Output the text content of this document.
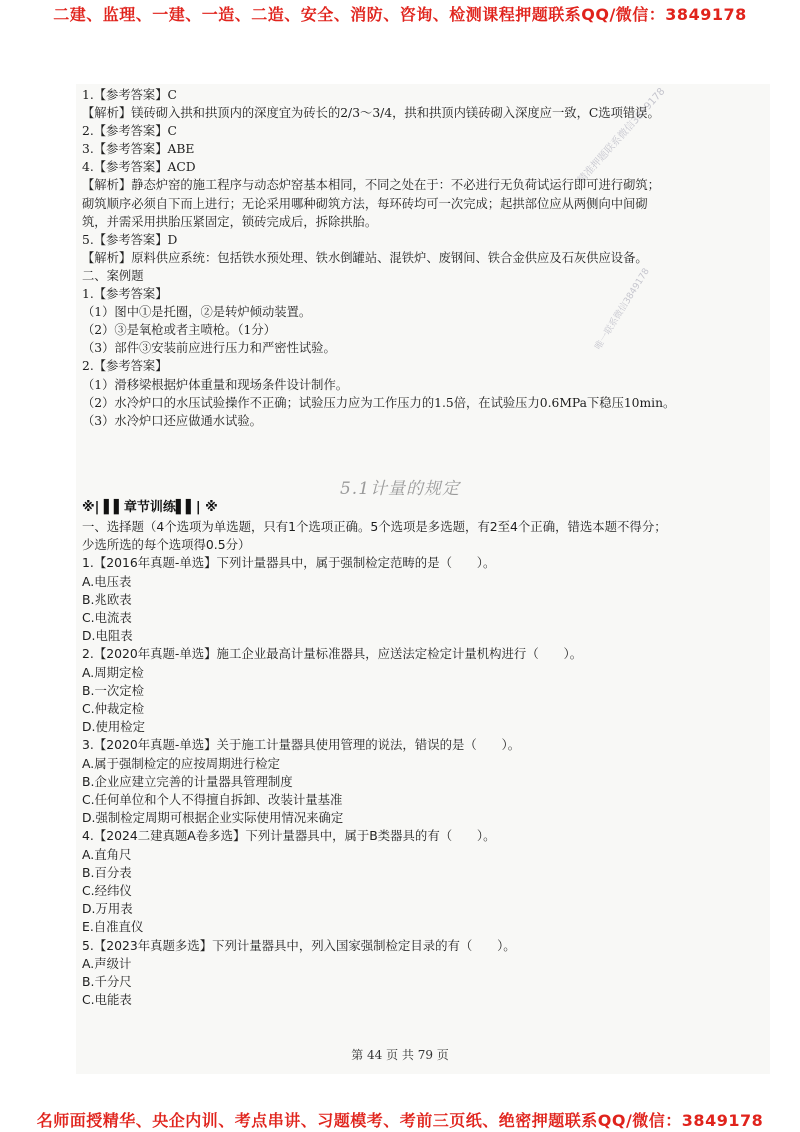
二建、监理、一建、一造、二造、安全、消防、咨询、检测课程押题联系QQ/微信：3849178
精准押题联系微信3849178
唯一联系微信3849178
1.【参考答案】C
【解析】镁砖砌入拱和拱顶内的深度宜为砖长的2/3～3/4，拱和拱顶内镁砖砌入深度应一致，C选项错误。
2.【参考答案】C
3.【参考答案】ABE
4.【参考答案】ACD
【解析】静态炉窑的施工程序与动态炉窑基本相同，不同之处在于：不必进行无负荷试运行即可进行砌筑；
砌筑顺序必须自下而上进行；无论采用哪种砌筑方法，每环砖均可一次完成；起拱部位应从两侧向中间砌
筑，并需采用拱胎压紧固定，锁砖完成后，拆除拱胎。
5.【参考答案】D
【解析】原料供应系统：包括铁水预处理、铁水倒罐站、混铁炉、废钢间、铁合金供应及石灰供应设备。
二、案例题
1.【参考答案】
（1）图中①是托圈，②是转炉倾动装置。
（2）③是氧枪或者主喷枪。（1分）
（3）部件③安装前应进行压力和严密性试验。
2.【参考答案】
（1）滑移梁根据炉体重量和现场条件设计制作。
（2）水冷炉口的水压试验操作不正确；试验压力应为工作压力的1.5倍，在试验压力0.6MPa下稳压10min。
（3）水冷炉口还应做通水试验。
5.1计量的规定
※| ▌▌章节训练▌▌| ※
一、选择题（4个选项为单选题，只有1个选项正确。5个选项是多选题，有2至4个正确，错选本题不得分；
少选所选的每个选项得0.5分）
1.【2016年真题-单选】下列计量器具中，属于强制检定范畴的是（　　）。
A.电压表
B.兆欧表
C.电流表
D.电阻表
2.【2020年真题-单选】施工企业最高计量标准器具，应送法定检定计量机构进行（　　）。
A.周期定检
B.一次定检
C.仲裁定检
D.使用检定
3.【2020年真题-单选】关于施工计量器具使用管理的说法，错误的是（　　）。
A.属于强制检定的应按周期进行检定
B.企业应建立完善的计量器具管理制度
C.任何单位和个人不得擅自拆卸、改装计量基准
D.强制检定周期可根据企业实际使用情况来确定
4.【2024二建真题A卷多选】下列计量器具中，属于B类器具的有（　　）。
A.直角尺
B.百分表
C.经纬仪
D.万用表
E.自准直仪
5.【2023年真题多选】下列计量器具中，列入国家强制检定目录的有（　　）。
A.声级计
B.千分尺
C.电能表
第 44 页 共 79 页
名师面授精华、央企内训、考点串讲、习题模考、考前三页纸、绝密押题联系QQ/微信：3849178
